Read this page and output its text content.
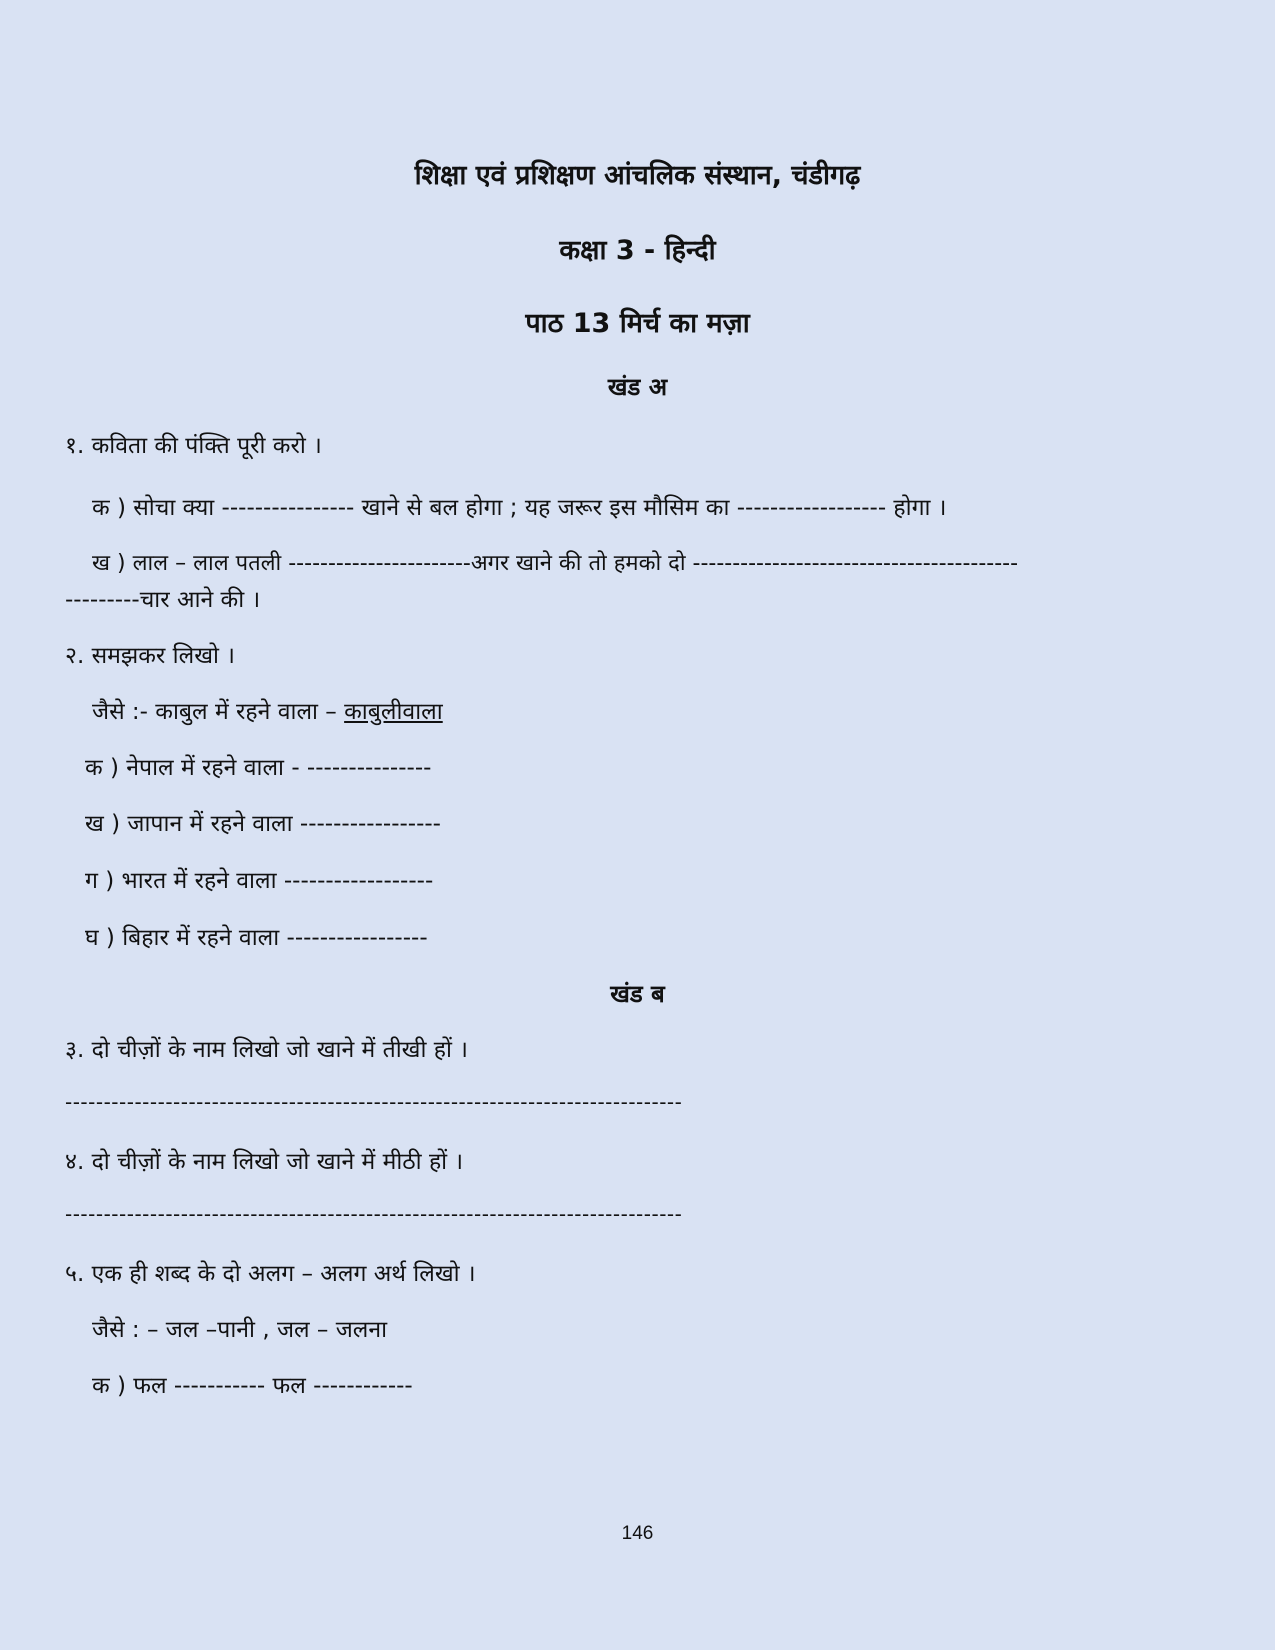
शिक्षा एवं प्रशिक्षण आंचलिक संस्थान, चंडीगढ़
कक्षा 3 - हिन्दी
पाठ 13 मिर्च का मज़ा
खंड अ
१. कविता की पंक्ति पूरी करो ।
क ) सोचा क्या ---------------- खाने से बल होगा ; यह जरूर इस मौसिम का ------------------ होगा ।
ख ) लाल – लाल पतली -----------------------अगर खाने की तो हमको दो -----------------------------------------
---------चार आने की ।
२. समझकर लिखो ।
जैसे :- काबुल में रहने वाला – काबुलीवाला
क ) नेपाल में रहने वाला - ---------------
ख ) जापान में रहने वाला -----------------
ग ) भारत में रहने वाला ------------------
घ ) बिहार में रहने वाला -----------------
खंड ब
३. दो चीज़ों के नाम लिखो जो खाने में तीखी हों ।
--------------------------------------------------------------------------------
४. दो चीज़ों के नाम लिखो जो खाने में मीठी हों ।
--------------------------------------------------------------------------------
५. एक ही शब्द के दो अलग – अलग अर्थ लिखो ।
जैसे : – जल –पानी , जल – जलना
क ) फल ----------- फल ------------
146
